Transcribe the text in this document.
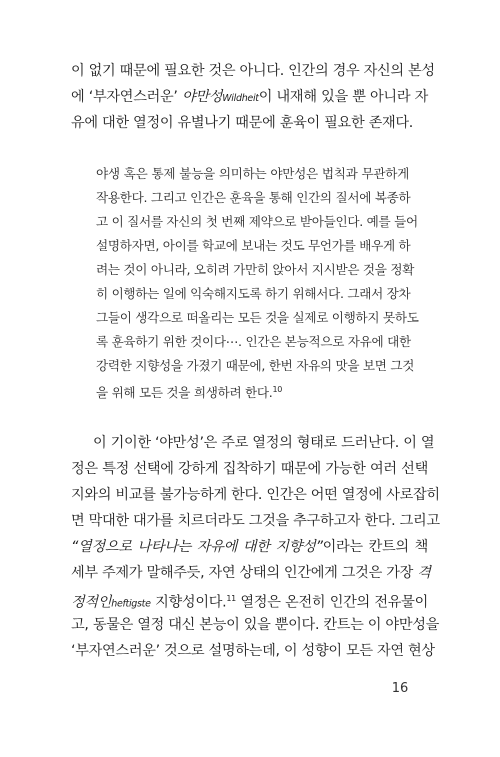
이 없기 때문에 필요한 것은 아니다. 인간의 경우 자신의 본성
에 ‘부자연스러운’ 야만성Wildheit이 내재해 있을 뿐 아니라 자
유에 대한 열정이 유별나기 때문에 훈육이 필요한 존재다.
야생 혹은 통제 불능을 의미하는 야만성은 법칙과 무관하게
작용한다. 그리고 인간은 훈육을 통해 인간의 질서에 복종하
고 이 질서를 자신의 첫 번째 제약으로 받아들인다. 예를 들어
설명하자면, 아이를 학교에 보내는 것도 무언가를 배우게 하
려는 것이 아니라, 오히려 가만히 앉아서 지시받은 것을 정확
히 이행하는 일에 익숙해지도록 하기 위해서다. 그래서 장차
그들이 생각으로 떠올리는 모든 것을 실제로 이행하지 못하도
록 훈육하기 위한 것이다⋯. 인간은 본능적으로 자유에 대한
강력한 지향성을 가졌기 때문에, 한번 자유의 맛을 보면 그것
을 위해 모든 것을 희생하려 한다.$^{10}$
이 기이한 ‘야만성’은 주로 열정의 형태로 드러난다. 이 열
정은 특정 선택에 강하게 집착하기 때문에 가능한 여러 선택
지와의 비교를 불가능하게 한다. 인간은 어떤 열정에 사로잡히
면 막대한 대가를 치르더라도 그것을 추구하고자 한다. 그리고
“열정으로 나타나는 자유에 대한 지향성”이라는 칸트의 책
세부 주제가 말해주듯, 자연 상태의 인간에게 그것은 가장 격
정적인heftigste 지향성이다.$^{11}$ 열정은 온전히 인간의 전유물이
고, 동물은 열정 대신 본능이 있을 뿐이다. 칸트는 이 야만성을
‘부자연스러운’ 것으로 설명하는데, 이 성향이 모든 자연 현상
16
